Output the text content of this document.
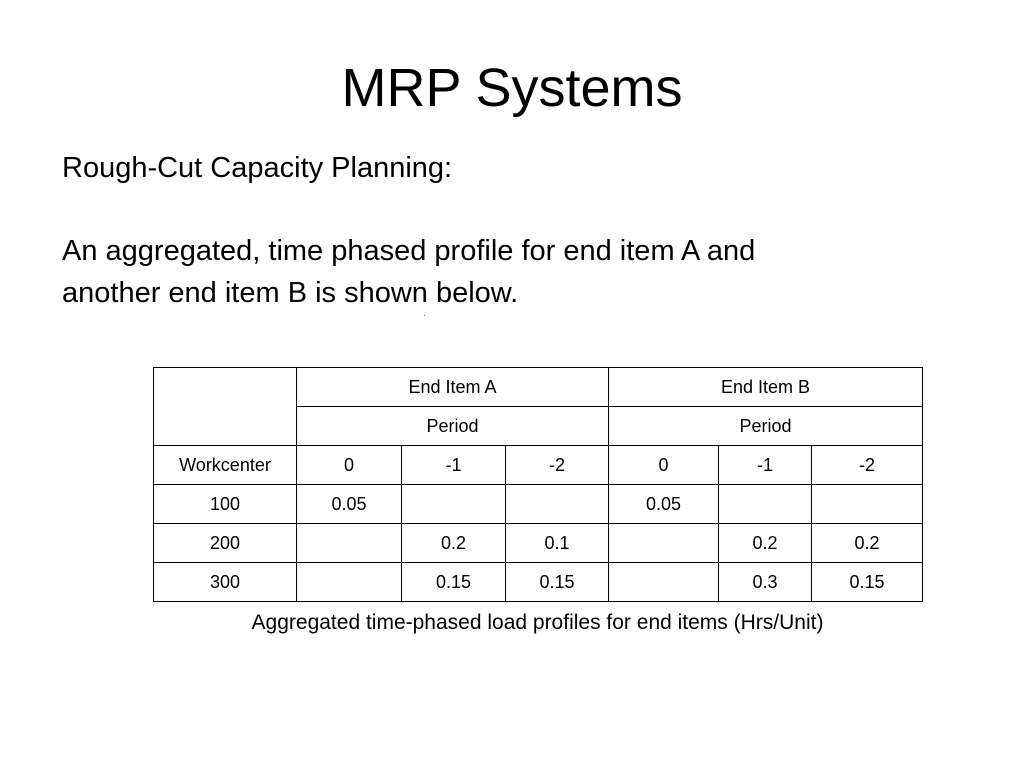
MRP Systems

Rough-Cut Capacity Planning:

An aggregated, time phased profile for end item A and
another end item B is shown below.

	End Item A			End Item B		
	Period			Period		
Workcenter	0	-1	-2	0	-1	-2
100	0.05			0.05		
200		0.2	0.1		0.2	0.2
300		0.15	0.15		0.3	0.15
Aggregated time-phased load profiles for end items (Hrs/Unit)
